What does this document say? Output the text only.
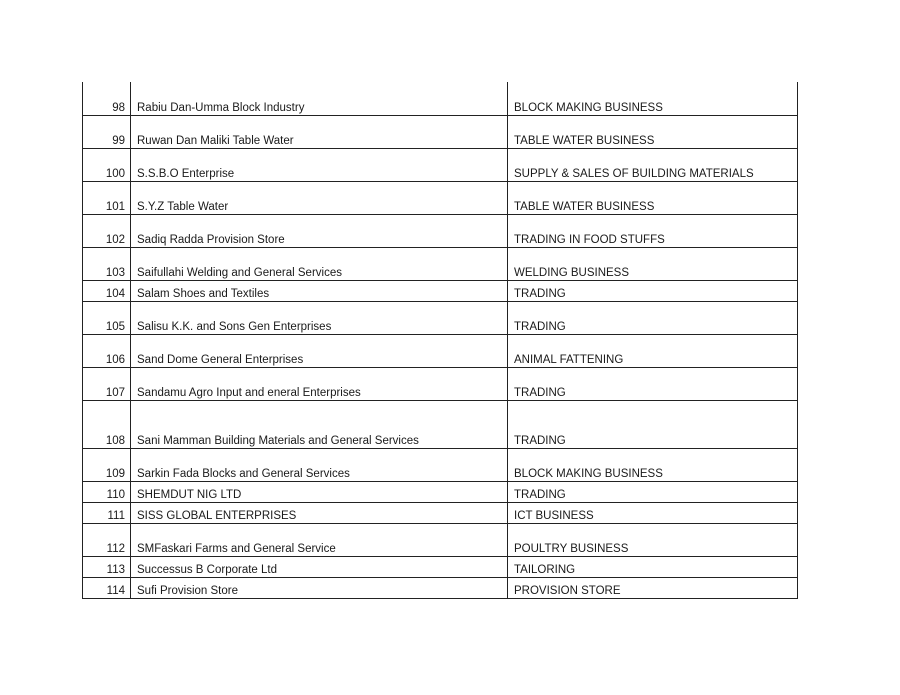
98	Rabiu Dan-Umma Block Industry	BLOCK MAKING BUSINESS
99	Ruwan Dan Maliki Table Water	TABLE WATER BUSINESS
100	S.S.B.O Enterprise	SUPPLY & SALES OF BUILDING MATERIALS
101	S.Y.Z Table Water	TABLE WATER BUSINESS
102	Sadiq Radda Provision Store	TRADING IN FOOD STUFFS
103	Saifullahi Welding and General Services	WELDING BUSINESS
104	Salam Shoes and Textiles	TRADING
105	Salisu K.K. and Sons Gen Enterprises	TRADING
106	Sand Dome General Enterprises	ANIMAL FATTENING
107	Sandamu Agro Input and eneral Enterprises	TRADING
108	Sani Mamman Building Materials and General Services	TRADING
109	Sarkin Fada Blocks and General Services	BLOCK MAKING BUSINESS
110	SHEMDUT NIG LTD	TRADING
111	SISS GLOBAL ENTERPRISES	ICT BUSINESS
112	SMFaskari Farms and General Service	POULTRY BUSINESS
113	Successus B Corporate Ltd	TAILORING
114	Sufi Provision Store	PROVISION STORE
